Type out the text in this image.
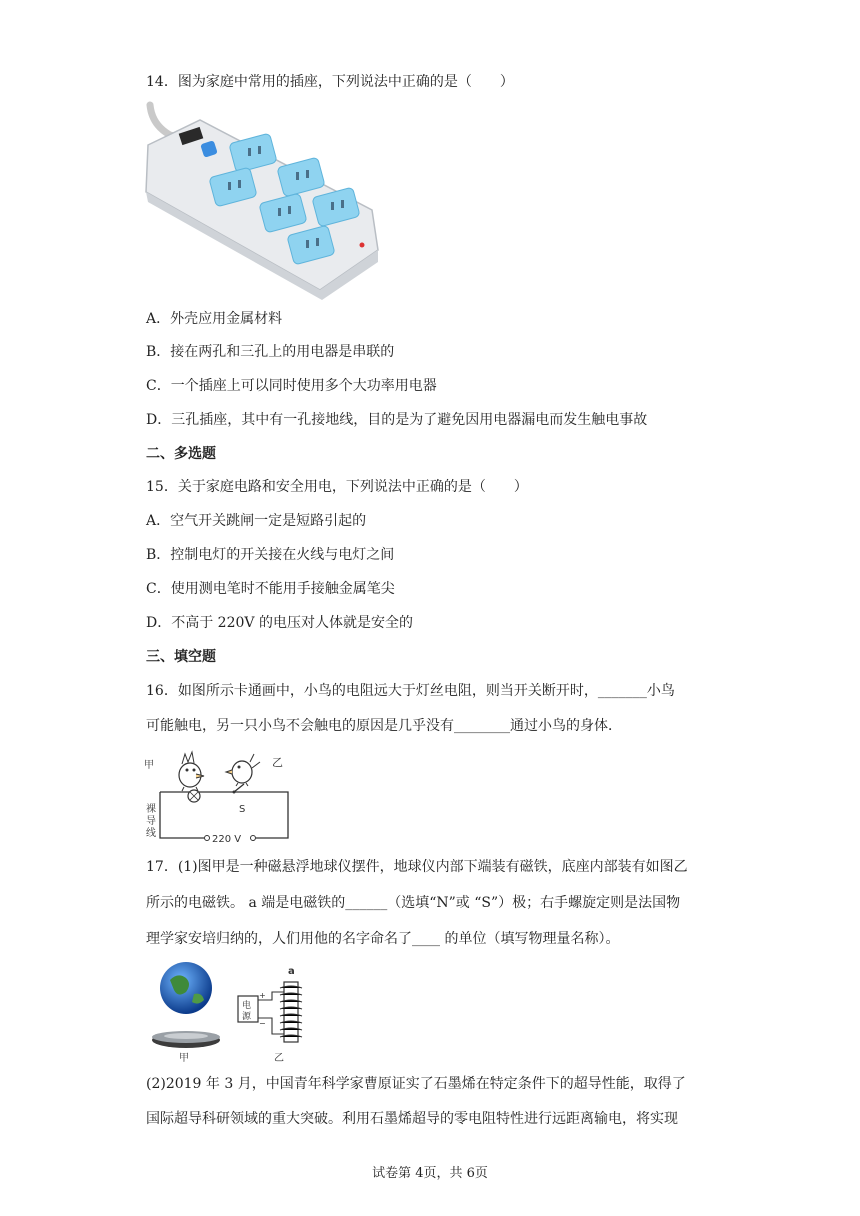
14．图为家庭中常用的插座，下列说法中正确的是（　　）
A．外壳应用金属材料
B．接在两孔和三孔上的用电器是串联的
C．一个插座上可以同时使用多个大功率用电器
D．三孔插座，其中有一孔接地线，目的是为了避免因用电器漏电而发生触电事故
二、多选题
15．关于家庭电路和安全用电，下列说法中正确的是（　　）
A．空气开关跳闸一定是短路引起的
B．控制电灯的开关接在火线与电灯之间
C．使用测电笔时不能用手接触金属笔尖
D．不高于 220V 的电压对人体就是安全的
三、填空题
16．如图所示卡通画中，小鸟的电阻远大于灯丝电阻，则当开关断开时，_______小鸟
可能触电，另一只小鸟不会触电的原因是几乎没有________通过小鸟的身体．
甲	乙
S
裸
导
线
220 V
17．(1)图甲是一种磁悬浮地球仪摆件，地球仪内部下端装有磁铁，底座内部装有如图乙
所示的电磁铁。 a 端是电磁铁的______（选填“N”或 “S”）极；右手螺旋定则是法国物
理学家安培归纳的，人们用他的名字命名了____ 的单位（填写物理量名称）。
甲
电
源
+
−
a
乙
(2)2019 年 3 月，中国青年科学家曹原证实了石墨烯在特定条件下的超导性能，取得了
国际超导科研领域的重大突破。利用石墨烯超导的零电阻特性进行远距离输电，将实现
试卷第 4页，共 6页
